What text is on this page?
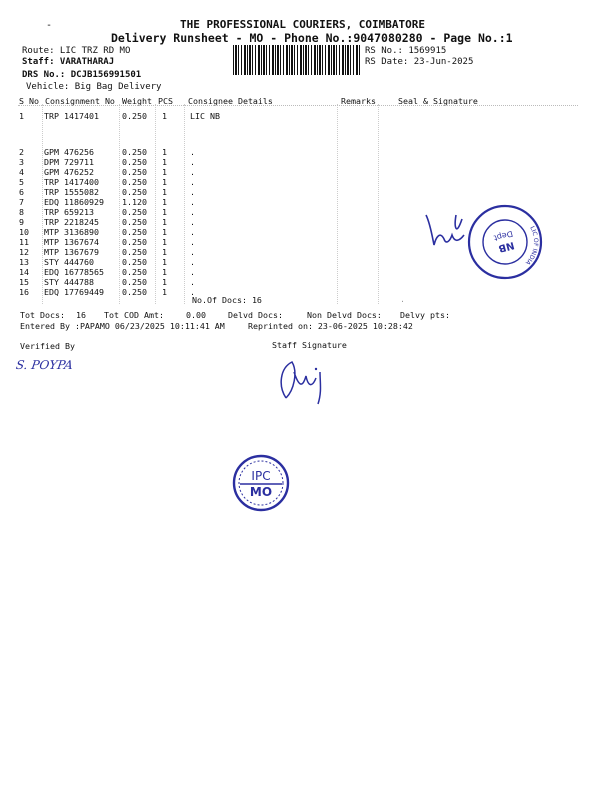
THE PROFESSIONAL COURIERS, COIMBATORE
Delivery Runsheet - MO - Phone No.:9047080280 - Page No.:1
-
Route: LIC TRZ RD MO
Staff: VARATHARAJ
DRS No.: DCJB156991501
Vehicle: Big Bag Delivery
RS No.: 1569915
RS Date: 23-Jun-2025
S No Consignment No Weight PCS Consignee Details	Remarks	Seal & Signature
1 TRP 1417401	0.250 1	LIC NB
2 GPM 476256	0.250 1	.
3 DPM 729711	0.250 1	.
4 GPM 476252	0.250 1	.
5 TRP 1417400	0.250 1	.
6 TRP 1555082	0.250 1	.
7 EDQ 11860929 1.120 1	.
8 TRP 659213	0.250 1	.
9 TRP 2218245	0.250 1	.
10 MTP 3136890	0.250 1	.
11 MTP 1367674	0.250 1	.
12 MTP 1367679	0.250 1	.
13 STY 444760	0.250 1	.
14 EDQ 16778565 0.250 1	.
15 STY 444788	0.250 1	.
16 EDQ 17769449 0.250 1	.
No.Of Docs: 16	.
Tot Docs: 16 Tot COD Amt:	0.00	Delvd Docs:	Non Delvd Docs: Delvy pts:
Entered By :PAPAMO 06/23/2025 10:11:41 AM	Reprinted on: 23-06-2025 10:28:42
Verified By	Staff Signature
S. POYPA
LIC OF INDIA
NB
Dept
IPC
MO
